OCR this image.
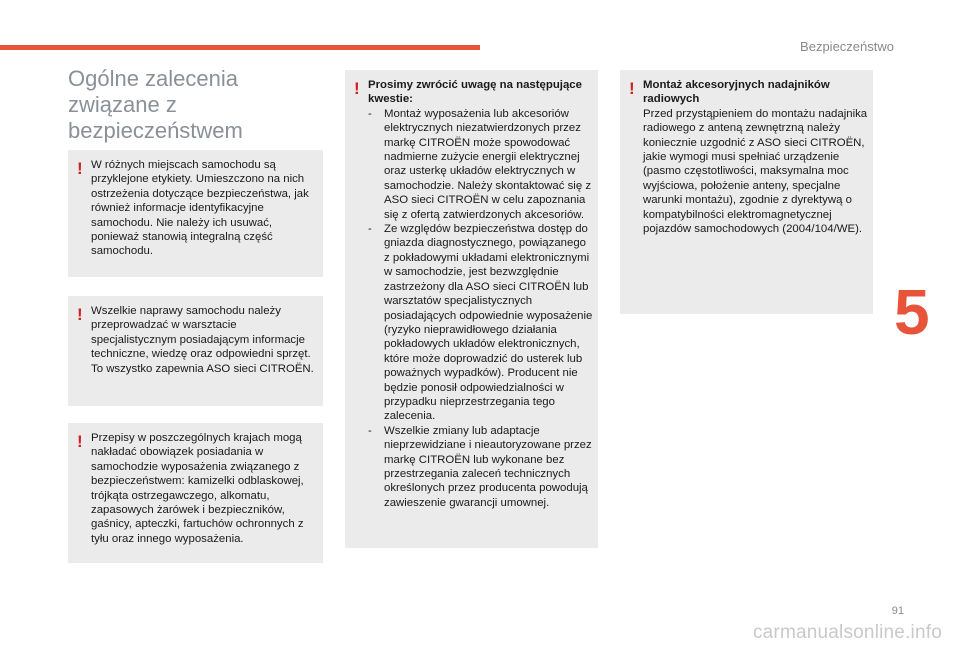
Bezpieczeństwo
5
Ogólne zalecenia związane z bezpieczeństwem
! W różnych miejscach samochodu są przyklejone etykiety. Umieszczono na nich ostrzeżenia dotyczące bezpieczeństwa, jak również informacje identyfikacyjne samochodu. Nie należy ich usuwać, ponieważ stanowią integralną część samochodu.

! Wszelkie naprawy samochodu należy przeprowadzać w warsztacie specjalistycznym posiadającym informacje techniczne, wiedzę oraz odpowiedni sprzęt. To wszystko zapewnia ASO sieci CITROËN.

! Przepisy w poszczególnych krajach mogą nakładać obowiązek posiadania w samochodzie wyposażenia związanego z bezpieczeństwem: kamizelki odblaskowej, trójkąta ostrzegawczego, alkomatu, zapasowych żarówek i bezpieczników, gaśnicy, apteczki, fartuchów ochronnych z tyłu oraz innego wyposażenia.

! Prosimy zwrócić uwagę na następujące kwestie:

- Montaż wyposażenia lub akcesoriów elektrycznych niezatwierdzonych przez markę CITROËN może spowodować nadmierne zużycie energii elektrycznej oraz usterkę układów elektrycznych w samochodzie. Należy skontaktować się z ASO sieci CITROËN w celu zapoznania się z ofertą zatwierdzonych akcesoriów.
- Ze względów bezpieczeństwa dostęp do gniazda diagnostycznego, powiązanego z pokładowymi układami elektronicznymi w samochodzie, jest bezwzględnie zastrzeżony dla ASO sieci CITROËN lub warsztatów specjalistycznych posiadających odpowiednie wyposażenie (ryzyko nieprawidłowego działania pokładowych układów elektronicznych, które może doprowadzić do usterek lub poważnych wypadków). Producent nie będzie ponosił odpowiedzialności w przypadku nieprzestrzegania tego zalecenia.
- Wszelkie zmiany lub adaptacje nieprzewidziane i nieautoryzowane przez markę CITROËN lub wykonane bez przestrzegania zaleceń technicznych określonych przez producenta powodują zawieszenie gwarancji umownej.
! Montaż akcesoryjnych nadajników radiowych

Przed przystąpieniem do montażu nadajnika radiowego z anteną zewnętrzną należy koniecznie uzgodnić z ASO sieci CITROËN, jakie wymogi musi spełniać urządzenie (pasmo częstotliwości, maksymalna moc wyjściowa, położenie anteny, specjalne warunki montażu), zgodnie z dyrektywą o kompatybilności elektromagnetycznej pojazdów samochodowych (2004/104/WE).

91
carmanualsonline.info
